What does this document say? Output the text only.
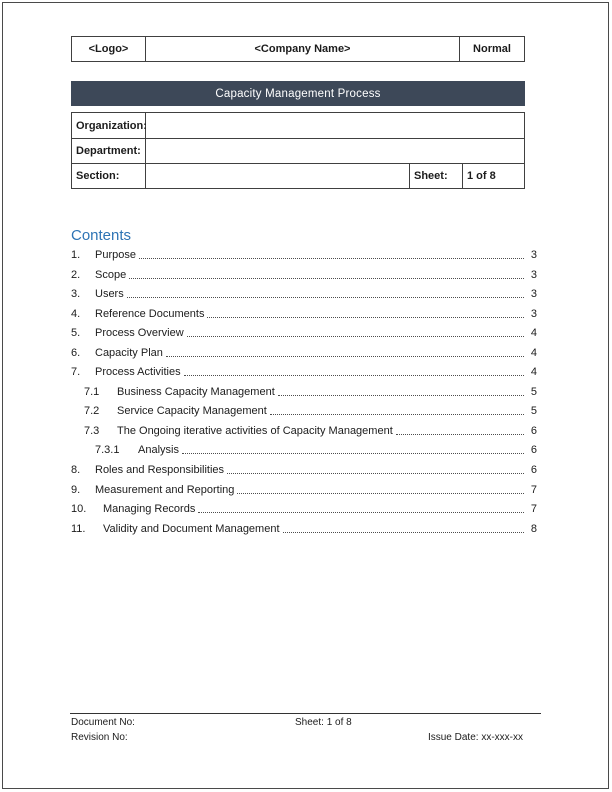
<Logo>	<Company Name>	Normal
Capacity Management Process
Organization:
Department:
Section:	Sheet:	1 of 8
Contents
1.	Purpose	3
2.	Scope	3
3.	Users	3
4.	Reference Documents	3
5.	Process Overview	4
6.	Capacity Plan	4
7.	Process Activities	4
7.1	Business Capacity Management	5
7.2	Service Capacity Management	5
7.3	The Ongoing iterative activities of Capacity Management	6
7.3.1	Analysis	6
8.	Roles and Responsibilities	6
9.	Measurement and Reporting	7
10.	Managing Records	7
11.	Validity and Document Management	8
Document No:	Sheet: 1 of 8
Revision No:	Issue Date: xx-xxx-xx
